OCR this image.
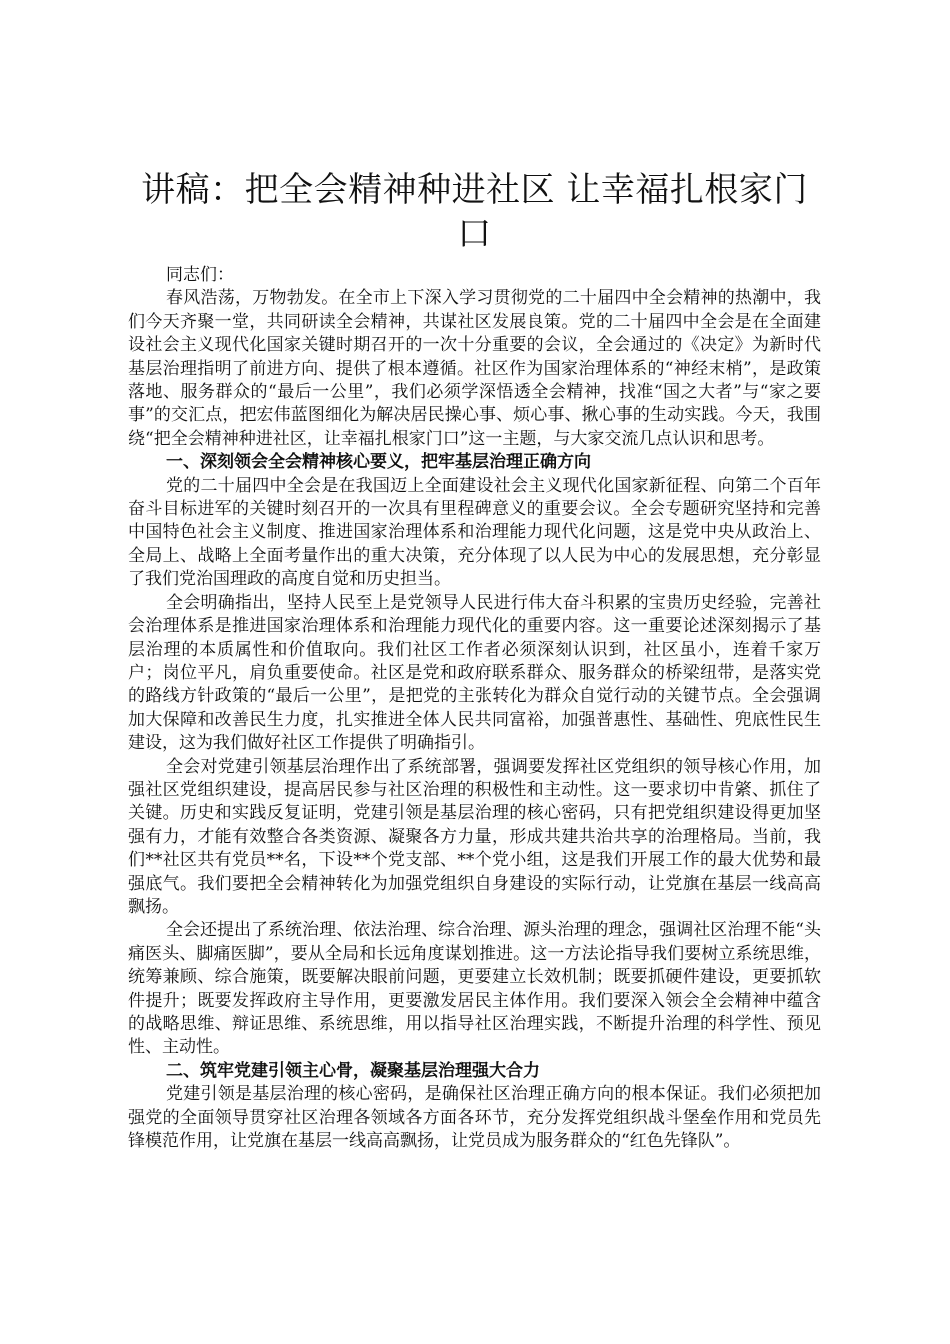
讲稿：把全会精神种进社区 让幸福扎根家门口

同志们：

春风浩荡，万物勃发。在全市上下深入学习贯彻党的二十届四中全会精神的热潮中，我们今天齐聚一堂，共同研读全会精神，共谋社区发展良策。党的二十届四中全会是在全面建设社会主义现代化国家关键时期召开的一次十分重要的会议，全会通过的《决定》为新时代基层治理指明了前进方向、提供了根本遵循。社区作为国家治理体系的“神经末梢”，是政策落地、服务群众的“最后一公里”，我们必须学深悟透全会精神，找准“国之大者”与“家之要事”的交汇点，把宏伟蓝图细化为解决居民操心事、烦心事、揪心事的生动实践。今天，我围绕“把全会精神种进社区，让幸福扎根家门口”这一主题，与大家交流几点认识和思考。

一、深刻领会全会精神核心要义，把牢基层治理正确方向

党的二十届四中全会是在我国迈上全面建设社会主义现代化国家新征程、向第二个百年奋斗目标进军的关键时刻召开的一次具有里程碑意义的重要会议。全会专题研究坚持和完善中国特色社会主义制度、推进国家治理体系和治理能力现代化问题，这是党中央从政治上、全局上、战略上全面考量作出的重大决策，充分体现了以人民为中心的发展思想，充分彰显了我们党治国理政的高度自觉和历史担当。

全会明确指出，坚持人民至上是党领导人民进行伟大奋斗积累的宝贵历史经验，完善社会治理体系是推进国家治理体系和治理能力现代化的重要内容。这一重要论述深刻揭示了基层治理的本质属性和价值取向。我们社区工作者必须深刻认识到，社区虽小，连着千家万户；岗位平凡，肩负重要使命。社区是党和政府联系群众、服务群众的桥梁纽带，是落实党的路线方针政策的“最后一公里”，是把党的主张转化为群众自觉行动的关键节点。全会强调加大保障和改善民生力度，扎实推进全体人民共同富裕，加强普惠性、基础性、兜底性民生建设，这为我们做好社区工作提供了明确指引。

全会对党建引领基层治理作出了系统部署，强调要发挥社区党组织的领导核心作用，加强社区党组织建设，提高居民参与社区治理的积极性和主动性。这一要求切中肯綮、抓住了关键。历史和实践反复证明，党建引领是基层治理的核心密码，只有把党组织建设得更加坚强有力，才能有效整合各类资源、凝聚各方力量，形成共建共治共享的治理格局。当前，我们**社区共有党员**名，下设**个党支部、**个党小组，这是我们开展工作的最大优势和最强底气。我们要把全会精神转化为加强党组织自身建设的实际行动，让党旗在基层一线高高飘扬。

全会还提出了系统治理、依法治理、综合治理、源头治理的理念，强调社区治理不能“头痛医头、脚痛医脚”，要从全局和长远角度谋划推进。这一方法论指导我们要树立系统思维，统筹兼顾、综合施策，既要解决眼前问题，更要建立长效机制；既要抓硬件建设，更要抓软件提升；既要发挥政府主导作用，更要激发居民主体作用。我们要深入领会全会精神中蕴含的战略思维、辩证思维、系统思维，用以指导社区治理实践，不断提升治理的科学性、预见性、主动性。

二、筑牢党建引领主心骨，凝聚基层治理强大合力

党建引领是基层治理的核心密码，是确保社区治理正确方向的根本保证。我们必须把加强党的全面领导贯穿社区治理各领域各方面各环节，充分发挥党组织战斗堡垒作用和党员先锋模范作用，让党旗在基层一线高高飘扬，让党员成为服务群众的“红色先锋队”。
